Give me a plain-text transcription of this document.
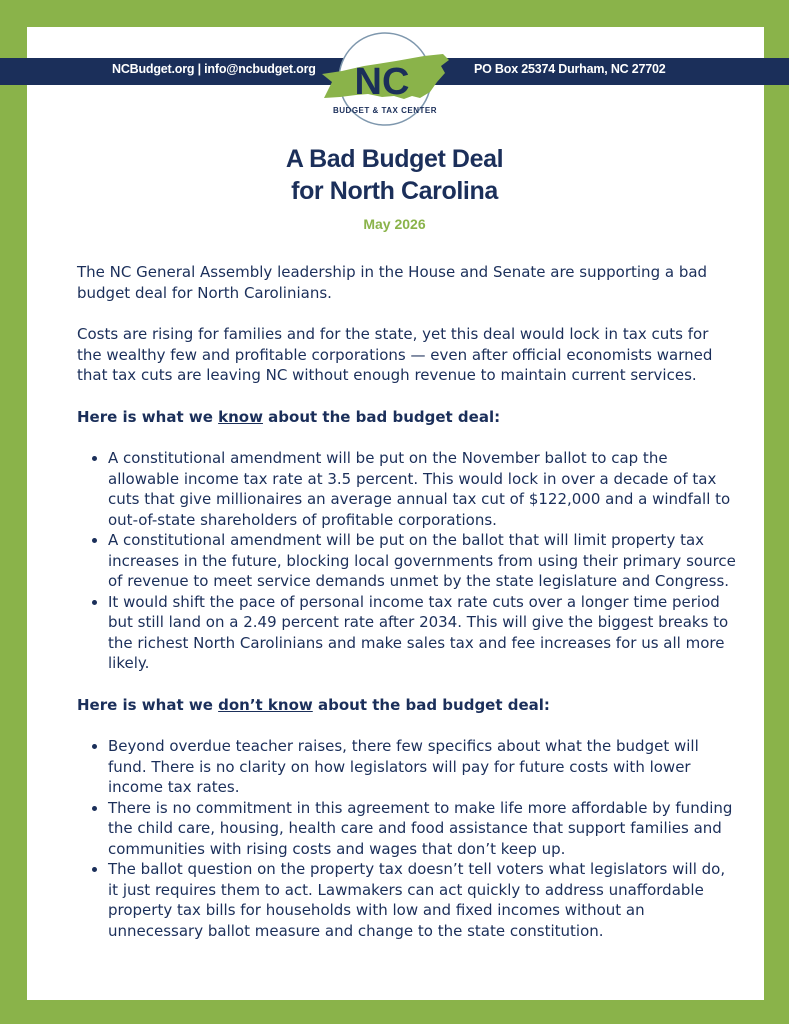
NCBudget.org | info@ncbudget.org	PO Box 25374 Durham, NC 27702
NC
BUDGET & TAX CENTER
A Bad Budget Deal
for North Carolina
May 2026

The NC General Assembly leadership in the House and Senate are supporting a bad budget deal for North Carolinians.

Costs are rising for families and for the state, yet this deal would lock in tax cuts for the wealthy few and profitable corporations — even after official economists warned that tax cuts are leaving NC without enough revenue to maintain current services.

Here is what we know about the bad budget deal:

• A constitutional amendment will be put on the November ballot to cap the allowable income tax rate at 3.5 percent. This would lock in over a decade of tax cuts that give millionaires an average annual tax cut of $122,000 and a windfall to out-of-state shareholders of profitable corporations.
• A constitutional amendment will be put on the ballot that will limit property tax increases in the future, blocking local governments from using their primary source of revenue to meet service demands unmet by the state legislature and Congress.
• It would shift the pace of personal income tax rate cuts over a longer time period but still land on a 2.49 percent rate after 2034. This will give the biggest breaks to the richest North Carolinians and make sales tax and fee increases for us all more likely.

Here is what we don’t know about the bad budget deal:

• Beyond overdue teacher raises, there few specifics about what the budget will fund. There is no clarity on how legislators will pay for future costs with lower income tax rates.
• There is no commitment in this agreement to make life more affordable by funding the child care, housing, health care and food assistance that support families and communities with rising costs and wages that don’t keep up.
• The ballot question on the property tax doesn’t tell voters what legislators will do, it just requires them to act. Lawmakers can act quickly to address unaffordable property tax bills for households with low and fixed incomes without an unnecessary ballot measure and change to the state constitution.
